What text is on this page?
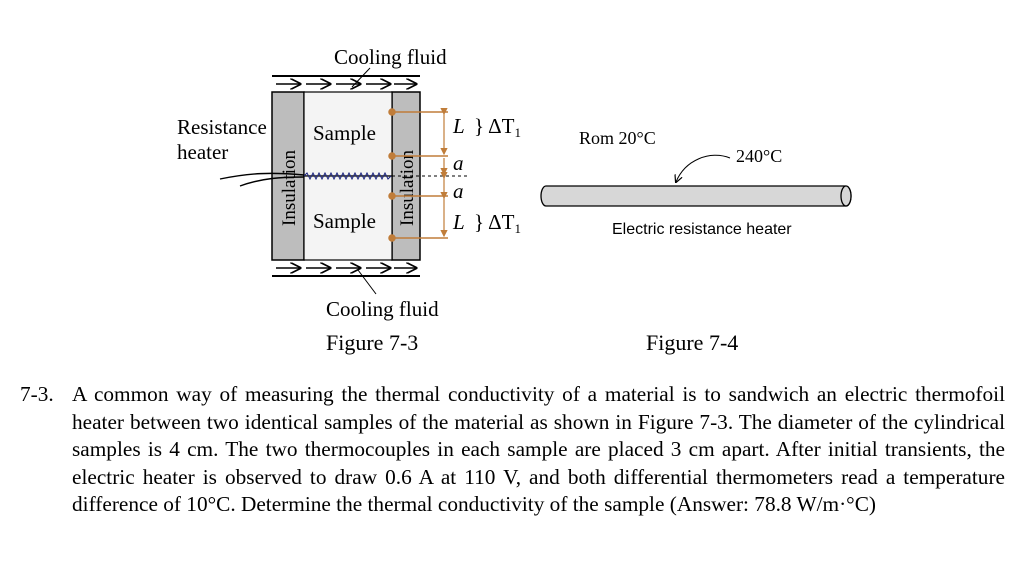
Cooling fluid
Sample
Sample
Insulation	Insulation
Resistance
heater
L
a
a
L
} ΔT1
} ΔT1
Cooling fluid
Figure 7-3
Rom 20°C
240°C
Electric resistance heater
Figure 7-4
7-3. A common way of measuring the thermal conductivity of a material is to sandwich an electric thermofoil heater between two identical samples of the material as shown in Figure 7-3. The diameter of the cylindrical samples is 4 cm. The two thermocouples in each sample are placed 3 cm apart. After initial transients, the electric heater is observed to draw 0.6 A at 110 V, and both differential thermometers read a temperature difference of 10°C. Determine the thermal conductivity of the sample (Answer: 78.8 W/m·°C)
